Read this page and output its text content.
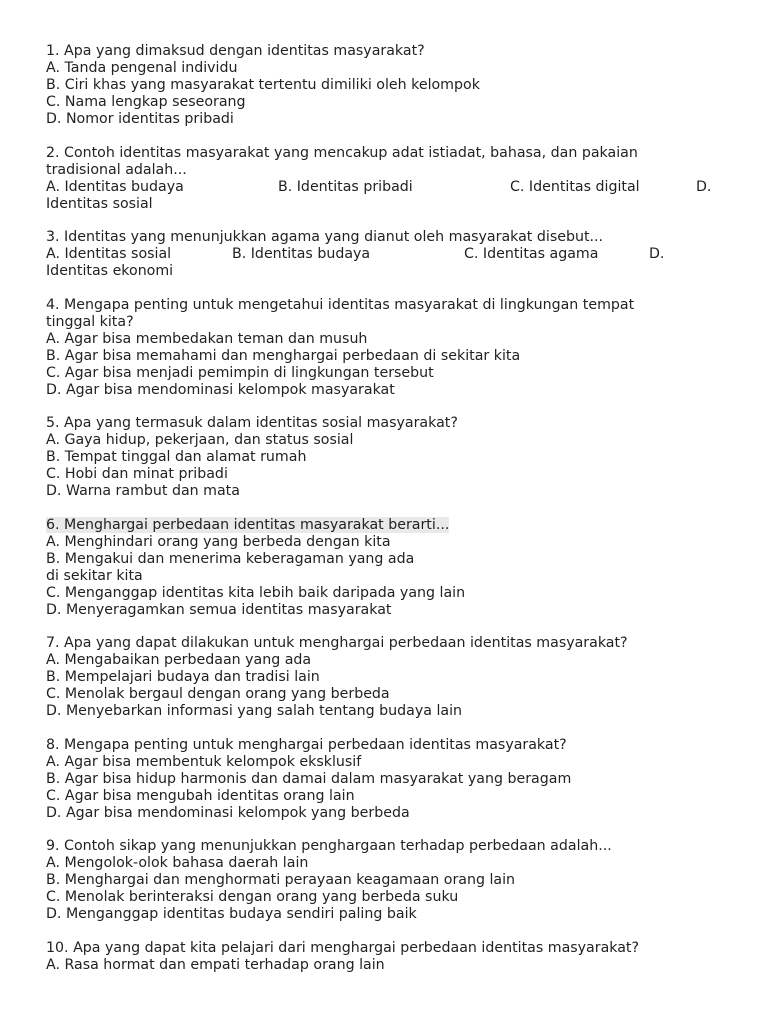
1. Apa yang dimaksud dengan identitas masyarakat?

A. Tanda pengenal individu

B. Ciri khas yang masyarakat tertentu dimiliki oleh kelompok

C. Nama lengkap seseorang

D. Nomor identitas pribadi

2. Contoh identitas masyarakat yang mencakup adat istiadat, bahasa, dan pakaian

tradisional adalah...

A. Identitas budaya	B. Identitas pribadi	C. Identitas digital	D.

Identitas sosial

3. Identitas yang menunjukkan agama yang dianut oleh masyarakat disebut...

A. Identitas sosial	B. Identitas budaya	C. Identitas agama	D.

Identitas ekonomi

4. Mengapa penting untuk mengetahui identitas masyarakat di lingkungan tempat

tinggal kita?

A. Agar bisa membedakan teman dan musuh

B. Agar bisa memahami dan menghargai perbedaan di sekitar kita

C. Agar bisa menjadi pemimpin di lingkungan tersebut

D. Agar bisa mendominasi kelompok masyarakat

5. Apa yang termasuk dalam identitas sosial masyarakat?

A. Gaya hidup, pekerjaan, dan status sosial

B. Tempat tinggal dan alamat rumah

C. Hobi dan minat pribadi

D. Warna rambut dan mata

6. Menghargai perbedaan identitas masyarakat berarti...

A. Menghindari orang yang berbeda dengan kita

B. Mengakui dan menerima keberagaman yang ada

di sekitar kita

C. Menganggap identitas kita lebih baik daripada yang lain

D. Menyeragamkan semua identitas masyarakat

7. Apa yang dapat dilakukan untuk menghargai perbedaan identitas masyarakat?

A. Mengabaikan perbedaan yang ada

B. Mempelajari budaya dan tradisi lain

C. Menolak bergaul dengan orang yang berbeda

D. Menyebarkan informasi yang salah tentang budaya lain

8. Mengapa penting untuk menghargai perbedaan identitas masyarakat?

A. Agar bisa membentuk kelompok eksklusif

B. Agar bisa hidup harmonis dan damai dalam masyarakat yang beragam

C. Agar bisa mengubah identitas orang lain

D. Agar bisa mendominasi kelompok yang berbeda

9. Contoh sikap yang menunjukkan penghargaan terhadap perbedaan adalah...

A. Mengolok-olok bahasa daerah lain

B. Menghargai dan menghormati perayaan keagamaan orang lain

C. Menolak berinteraksi dengan orang yang berbeda suku

D. Menganggap identitas budaya sendiri paling baik

10. Apa yang dapat kita pelajari dari menghargai perbedaan identitas masyarakat?

A. Rasa hormat dan empati terhadap orang lain
